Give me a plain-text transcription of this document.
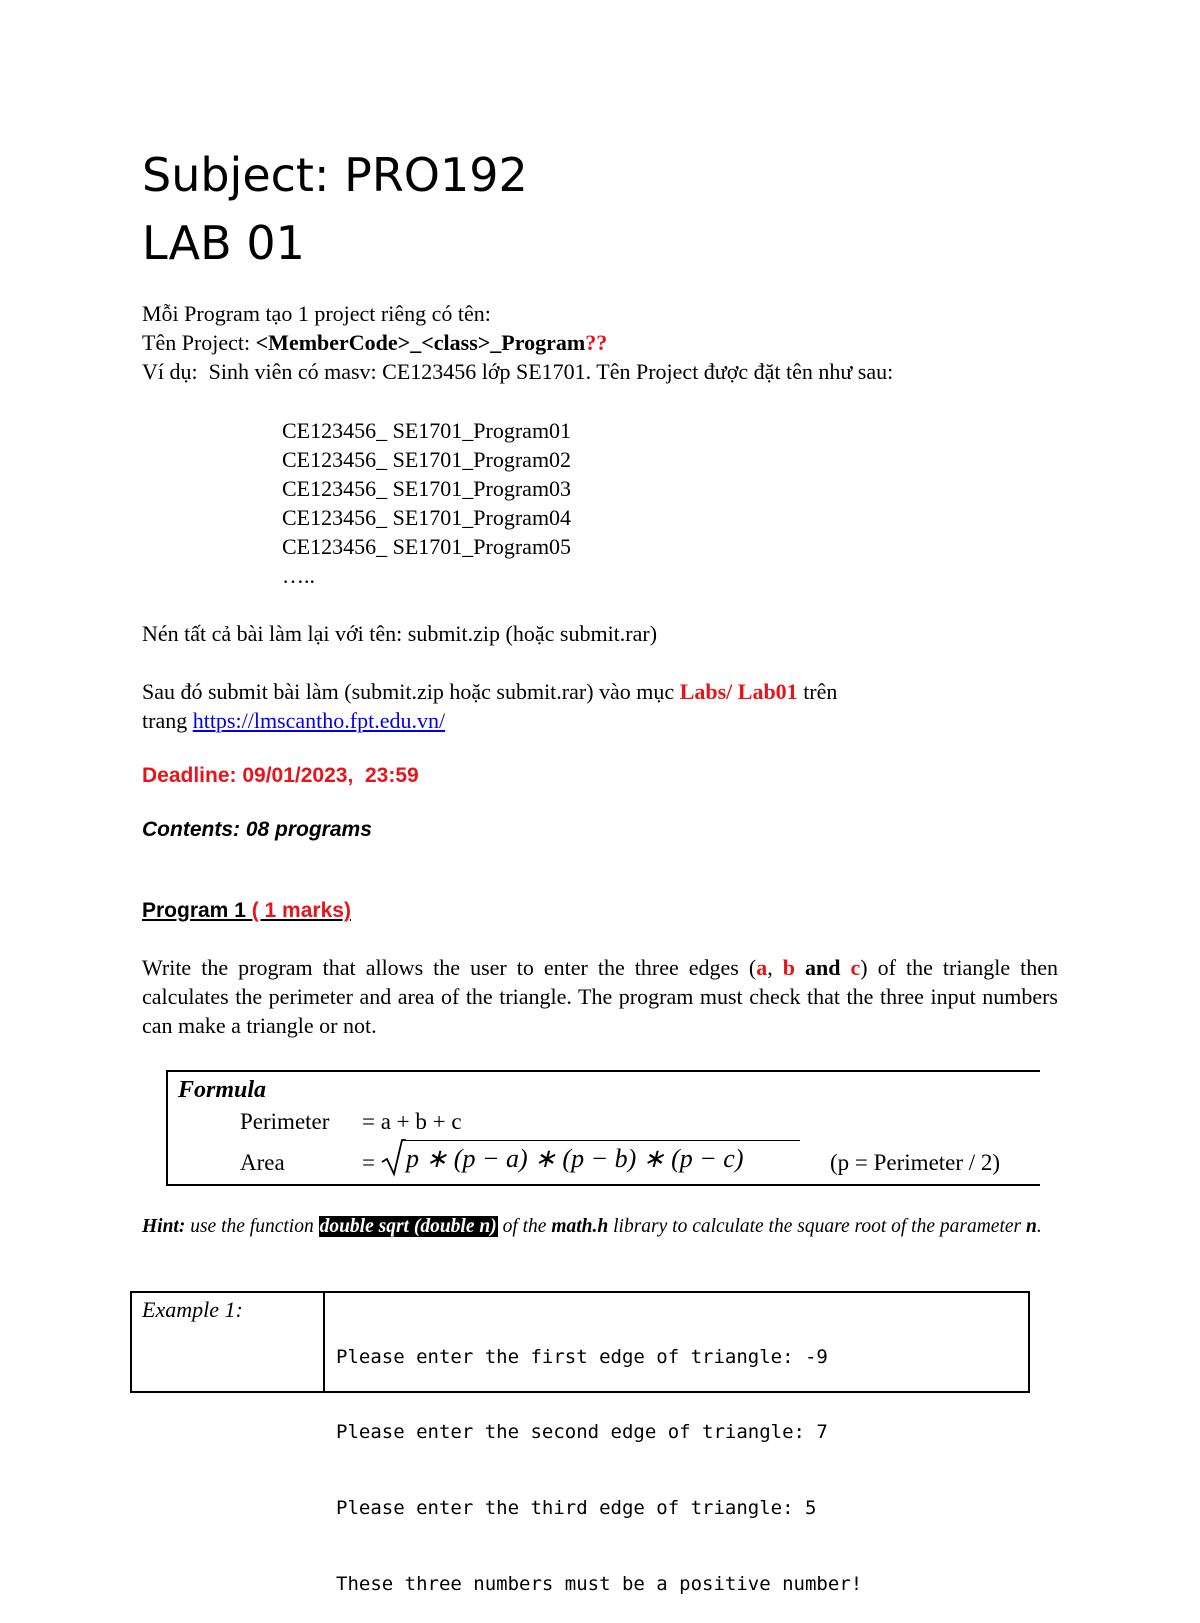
Subject: PRO192
LAB 01
Mỗi Program tạo 1 project riêng có tên:
Tên Project: <MemberCode>_<class>_Program??
Ví dụ:  Sinh viên có masv: CE123456 lớp SE1701. Tên Project được đặt tên như sau:
CE123456_ SE1701_Program01
CE123456_ SE1701_Program02
CE123456_ SE1701_Program03
CE123456_ SE1701_Program04
CE123456_ SE1701_Program05
…..
Nén tất cả bài làm lại với tên: submit.zip (hoặc submit.rar)
Sau đó submit bài làm (submit.zip hoặc submit.rar) vào mục Labs/ Lab01 trên
trang https://lmscantho.fpt.edu.vn/
Deadline: 09/01/2023,  23:59
Contents: 08 programs
Program 1 ( 1 marks)
Write the program that allows the user to enter the three edges (a, b and c) of the triangle then calculates the perimeter and area of the triangle. The program must check that the three input numbers can make a triangle or not.
Formula
Perimeter = a + b + c
Area	= p ∗ (p − a) ∗ (p − b) ∗ (p − c)	(p = Perimeter / 2)
Hint: use the function double sqrt (double n) of the math.h library to calculate the square root of the parameter n.
Example 1:

Please enter the first edge of triangle: -9

Please enter the second edge of triangle: 7

Please enter the third edge of triangle: 5

These three numbers must be a positive number!
